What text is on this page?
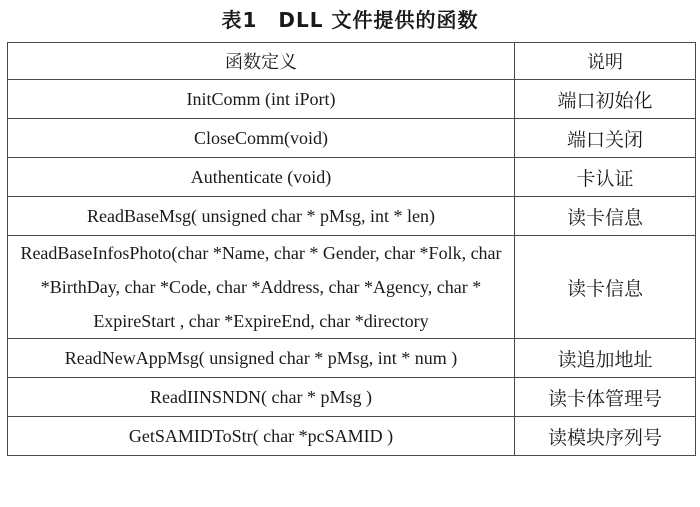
表1　DLL 文件提供的函数
函数定义	说明
InitComm (int iPort)	端口初始化
CloseComm(void)	端口关闭
Authenticate (void)	卡认证
ReadBaseMsg( unsigned char * pMsg, int * len)	读卡信息
ReadBaseInfosPhoto(char *Name, char * Gender, char *Folk, char *BirthDay, char *Code, char *Address, char *Agency, char * ExpireStart , char *ExpireEnd, char *directory	读卡信息
ReadNewAppMsg( unsigned char * pMsg, int * num )	读追加地址
ReadIINSNDN( char * pMsg )	读卡体管理号
GetSAMIDToStr( char *pcSAMID )	读模块序列号
